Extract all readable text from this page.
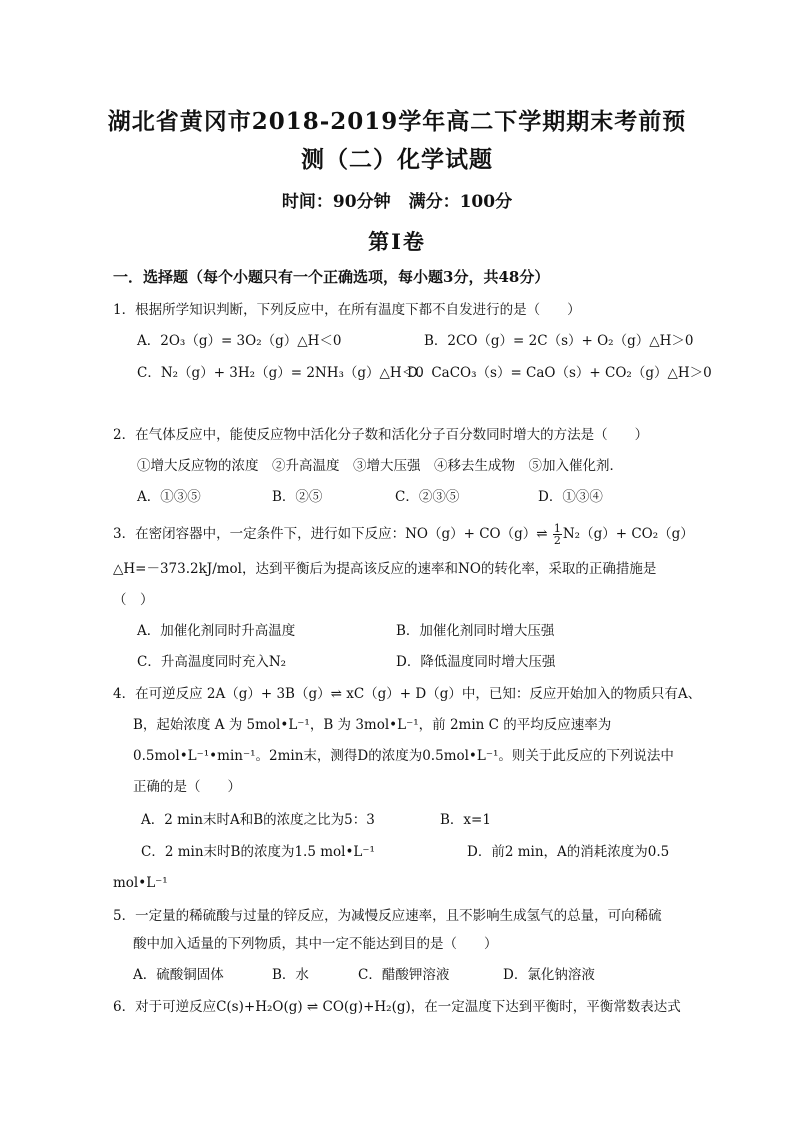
湖北省黄冈市2018-2019学年高二下学期期末考前预
测（二）化学试题
时间：90分钟 满分：100分
第Ⅰ卷
一．选择题（每个小题只有一个正确选项，每小题3分，共48分）
1．根据所学知识判断，下列反应中，在所有温度下都不自发进行的是（　　）
A．2O₃（g）= 3O₂（g）△H＜0	B．2CO（g）= 2C（s）+ O₂（g）△H＞0
C．N₂（g）+ 3H₂（g）= 2NH₃（g）△H＜0
D．CaCO₃（s）= CaO（s）+ CO₂（g）△H＞0
2．在气体反应中，能使反应物中活化分子数和活化分子百分数同时增大的方法是（　　）
①增大反应物的浓度　②升高温度　③增大压强　④移去生成物　⑤加入催化剂．
A．①③⑤	B．②⑤	C．②③⑤	D．①③④
3．在密闭容器中，一定条件下，进行如下反应：NO（g）+ CO（g）⇌ $\frac{1}{2} N_2(g)+ CO_2(g)$
△H=－373.2kJ/mol，达到平衡后为提高该反应的速率和NO的转化率，采取的正确措施是
（　）
A．加催化剂同时升高温度	B．加催化剂同时增大压强
C．升高温度同时充入N₂	D．降低温度同时增大压强
4．在可逆反应 2A（g）+ 3B（g）⇌ xC（g）+ D（g）中，已知：反应开始加入的物质只有A、
B，起始浓度 A 为 5mol•L⁻¹，B 为 3mol•L⁻¹，前 2min C 的平均反应速率为
0.5mol•L⁻¹•min⁻¹。2min末，测得D的浓度为0.5mol•L⁻¹。则关于此反应的下列说法中
正确的是（　　）
A．2 min末时A和B的浓度之比为5：3	B．x=1
C．2 min末时B的浓度为1.5 mol•L⁻¹	D．前2 min，A的消耗浓度为0.5
mol•L⁻¹
5．一定量的稀硫酸与过量的锌反应，为减慢反应速率，且不影响生成氢气的总量，可向稀硫
酸中加入适量的下列物质，其中一定不能达到目的是（　　）
A．硫酸铜固体	B．水	C．醋酸钾溶液	D．氯化钠溶液
6．对于可逆反应C(s)+H₂O(g) ⇌ CO(g)+H₂(g)，在一定温度下达到平衡时，平衡常数表达式
